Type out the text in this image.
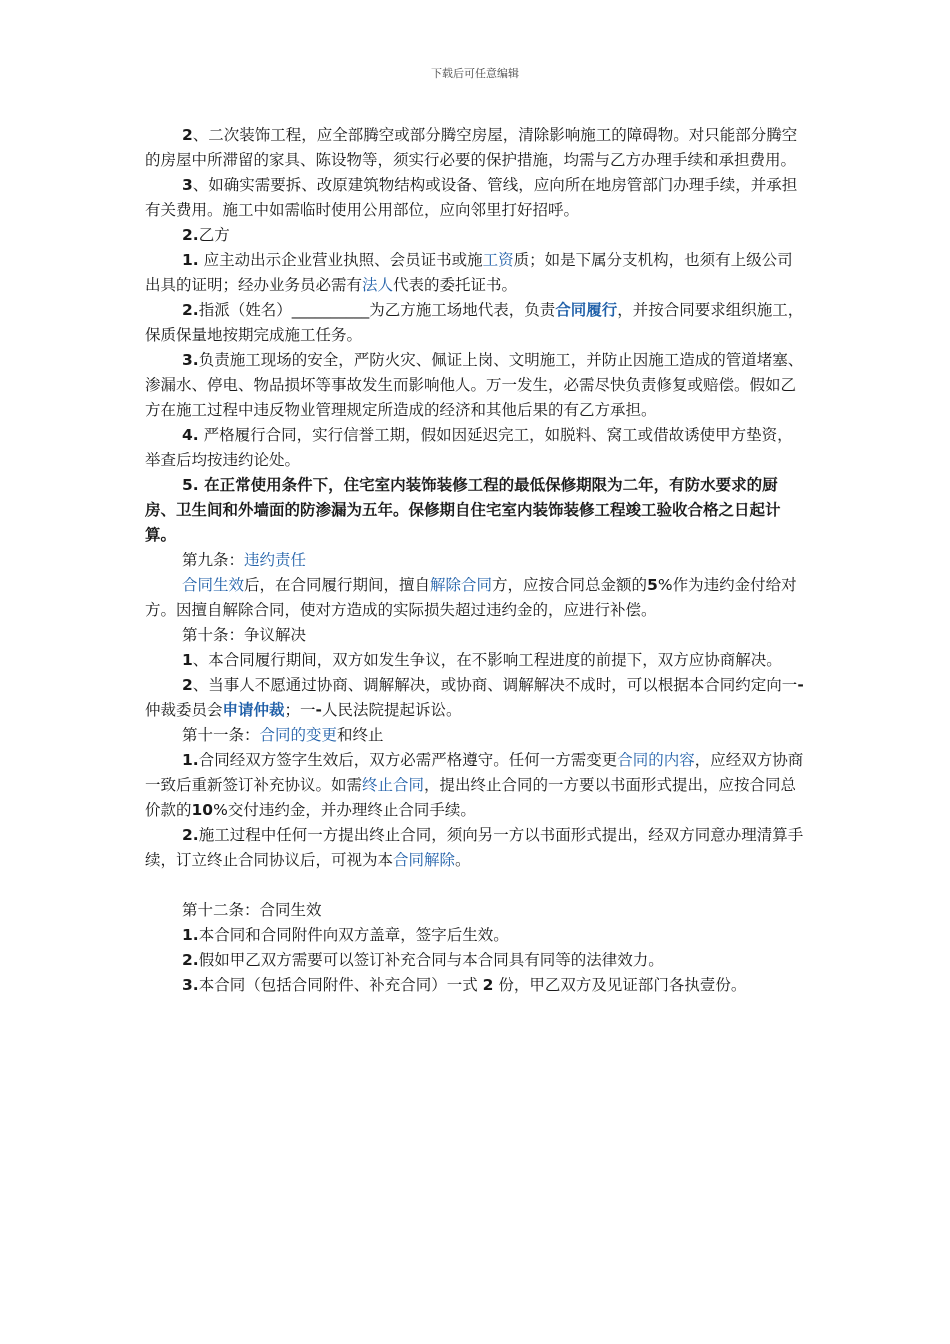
下载后可任意编辑

2、二次装饰工程，应全部腾空或部分腾空房屋，清除影响施工的障碍物。对只能部分腾空的房屋中所滞留的家具、陈设物等，须实行必要的保护措施，均需与乙方办理手续和承担费用。

3、如确实需要拆、改原建筑物结构或设备、管线，应向所在地房管部门办理手续，并承担有关费用。施工中如需临时使用公用部位，应向邻里打好招呼。

2.乙方

1. 应主动出示企业营业执照、会员证书或施工资质；如是下属分支机构，也须有上级公司出具的证明；经办业务员必需有法人代表的委托证书。

2.指派（姓名）__________为乙方施工场地代表，负责合同履行，并按合同要求组织施工，保质保量地按期完成施工任务。

3.负责施工现场的安全，严防火灾、佩证上岗、文明施工，并防止因施工造成的管道堵塞、渗漏水、停电、物品损坏等事故发生而影响他人。万一发生，必需尽快负责修复或赔偿。假如乙方在施工过程中违反物业管理规定所造成的经济和其他后果的有乙方承担。

4. 严格履行合同，实行信誉工期，假如因延迟完工，如脱料、窝工或借故诱使甲方垫资，举查后均按违约论处。

5. 在正常使用条件下，住宅室内装饰装修工程的最低保修期限为二年，有防水要求的厨房、卫生间和外墙面的防渗漏为五年。保修期自住宅室内装饰装修工程竣工验收合格之日起计算。

第九条：违约责任

合同生效后，在合同履行期间，擅自解除合同方，应按合同总金额的5%作为违约金付给对方。因擅自解除合同，使对方造成的实际损失超过违约金的，应进行补偿。

第十条：争议解决

1、本合同履行期间，双方如发生争议，在不影响工程进度的前提下，双方应协商解决。

2、当事人不愿通过协商、调解解决，或协商、调解解决不成时，可以根据本合同约定向一-仲裁委员会申请仲裁；一-人民法院提起诉讼。

第十一条：合同的变更和终止

1.合同经双方签字生效后，双方必需严格遵守。任何一方需变更合同的内容，应经双方协商一致后重新签订补充协议。如需终止合同，提出终止合同的一方要以书面形式提出，应按合同总价款的10%交付违约金，并办理终止合同手续。

2.施工过程中任何一方提出终止合同，须向另一方以书面形式提出，经双方同意办理清算手续，订立终止合同协议后，可视为本合同解除。

第十二条：合同生效

1.本合同和合同附件向双方盖章，签字后生效。

2.假如甲乙双方需要可以签订补充合同与本合同具有同等的法律效力。

3.本合同（包括合同附件、补充合同）一式 2 份，甲乙双方及见证部门各执壹份。
